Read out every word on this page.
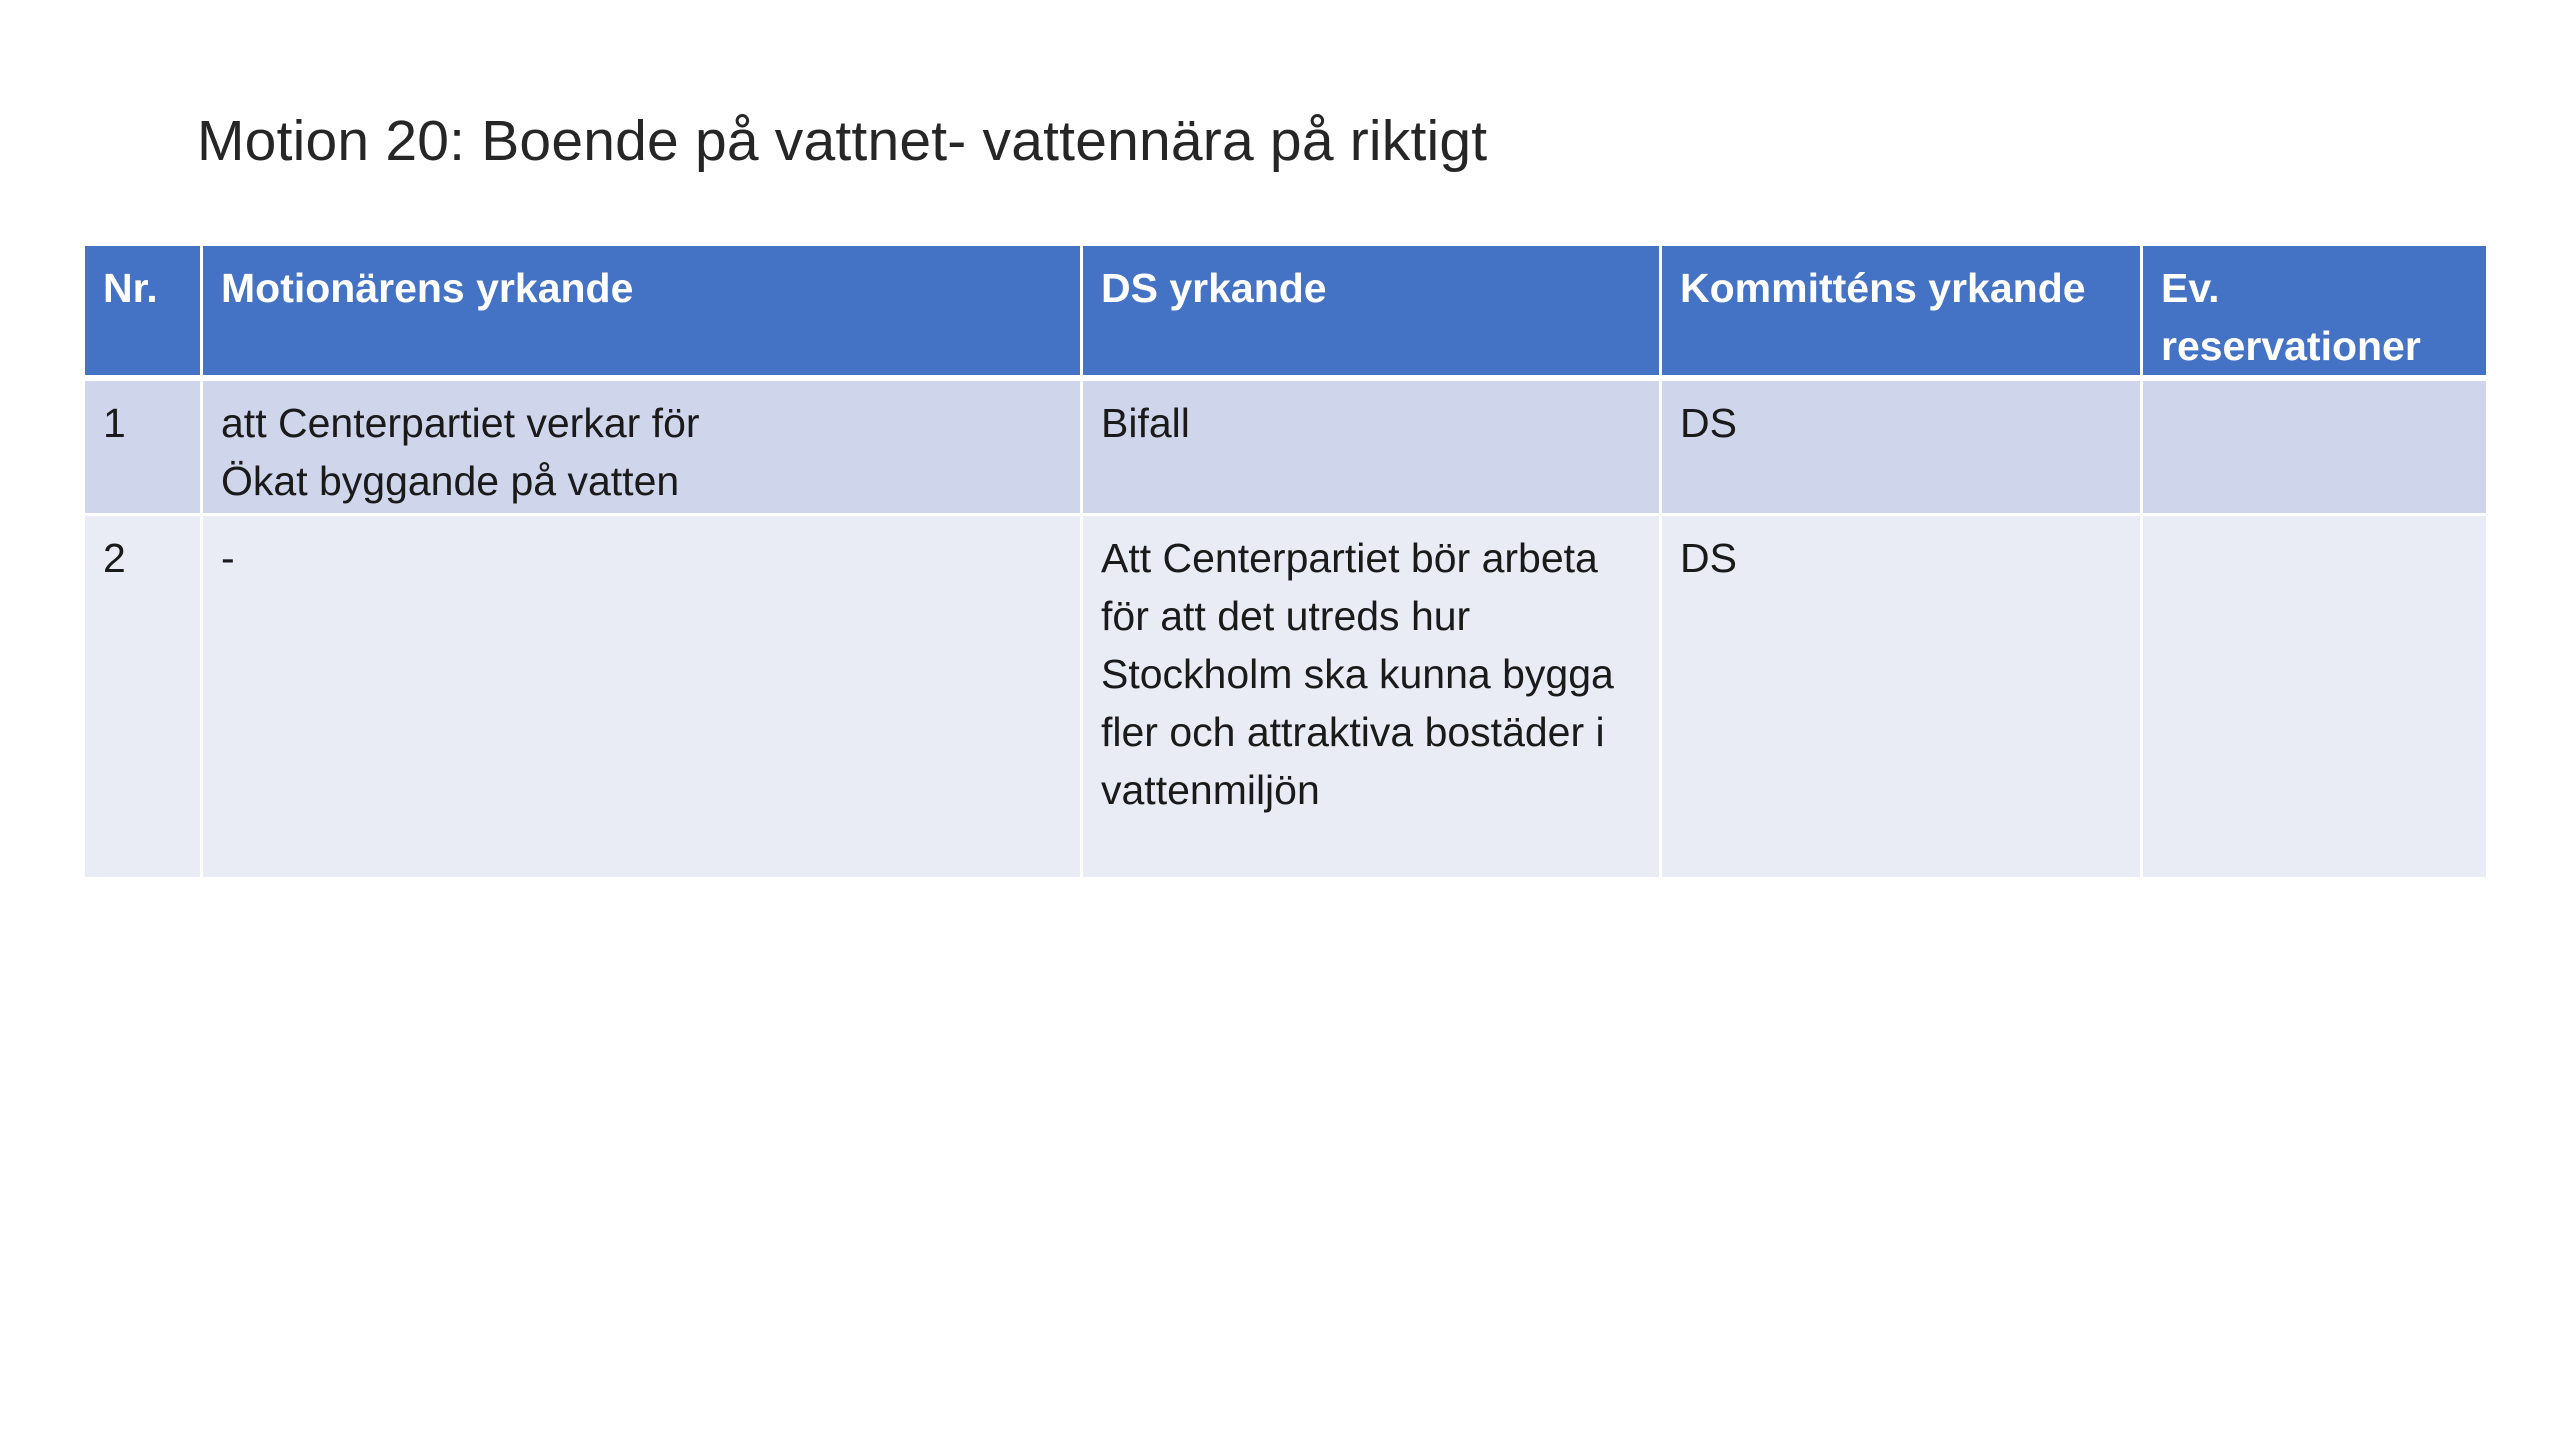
Motion 20: Boende på vattnet- vattennära på riktigt
Nr.	Motionärens yrkande	DS yrkande	Kommitténs yrkande	Ev. reservationer
1	att Centerpartiet verkar för Ökat byggande på vatten	Bifall	DS	
2	-	Att Centerpartiet bör arbeta för att det utreds hur Stockholm ska kunna bygga fler och attraktiva bostäder i vattenmiljön	DS	
